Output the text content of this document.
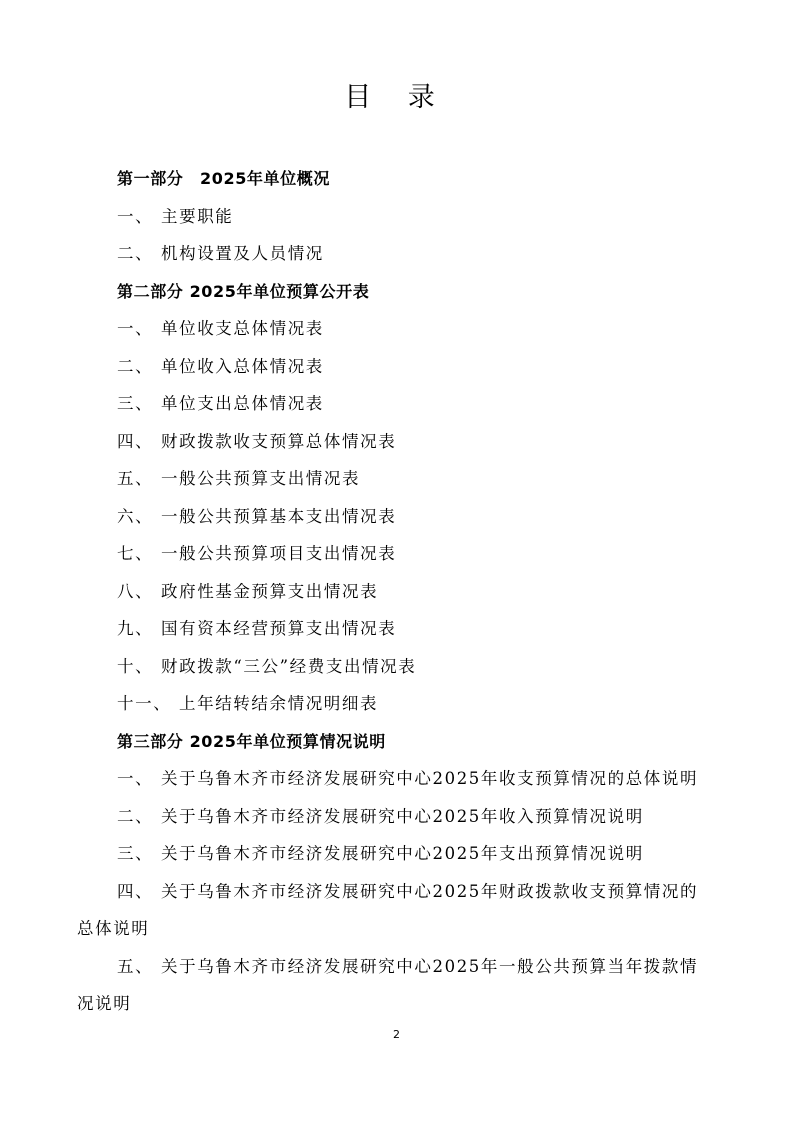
目 录
第一部分　2025年单位概况
一、 主要职能
二、 机构设置及人员情况
第二部分 2025年单位预算公开表
一、 单位收支总体情况表
二、 单位收入总体情况表
三、 单位支出总体情况表
四、 财政拨款收支预算总体情况表
五、 一般公共预算支出情况表
六、 一般公共预算基本支出情况表
七、 一般公共预算项目支出情况表
八、 政府性基金预算支出情况表
九、 国有资本经营预算支出情况表
十、 财政拨款“三公”经费支出情况表
十一、 上年结转结余情况明细表
第三部分 2025年单位预算情况说明
一、 关于乌鲁木齐市经济发展研究中心2025年收支预算情况的总体说明
二、 关于乌鲁木齐市经济发展研究中心2025年收入预算情况说明
三、 关于乌鲁木齐市经济发展研究中心2025年支出预算情况说明
四、 关于乌鲁木齐市经济发展研究中心2025年财政拨款收支预算情况的
总体说明
五、 关于乌鲁木齐市经济发展研究中心2025年一般公共预算当年拨款情
况说明
2
